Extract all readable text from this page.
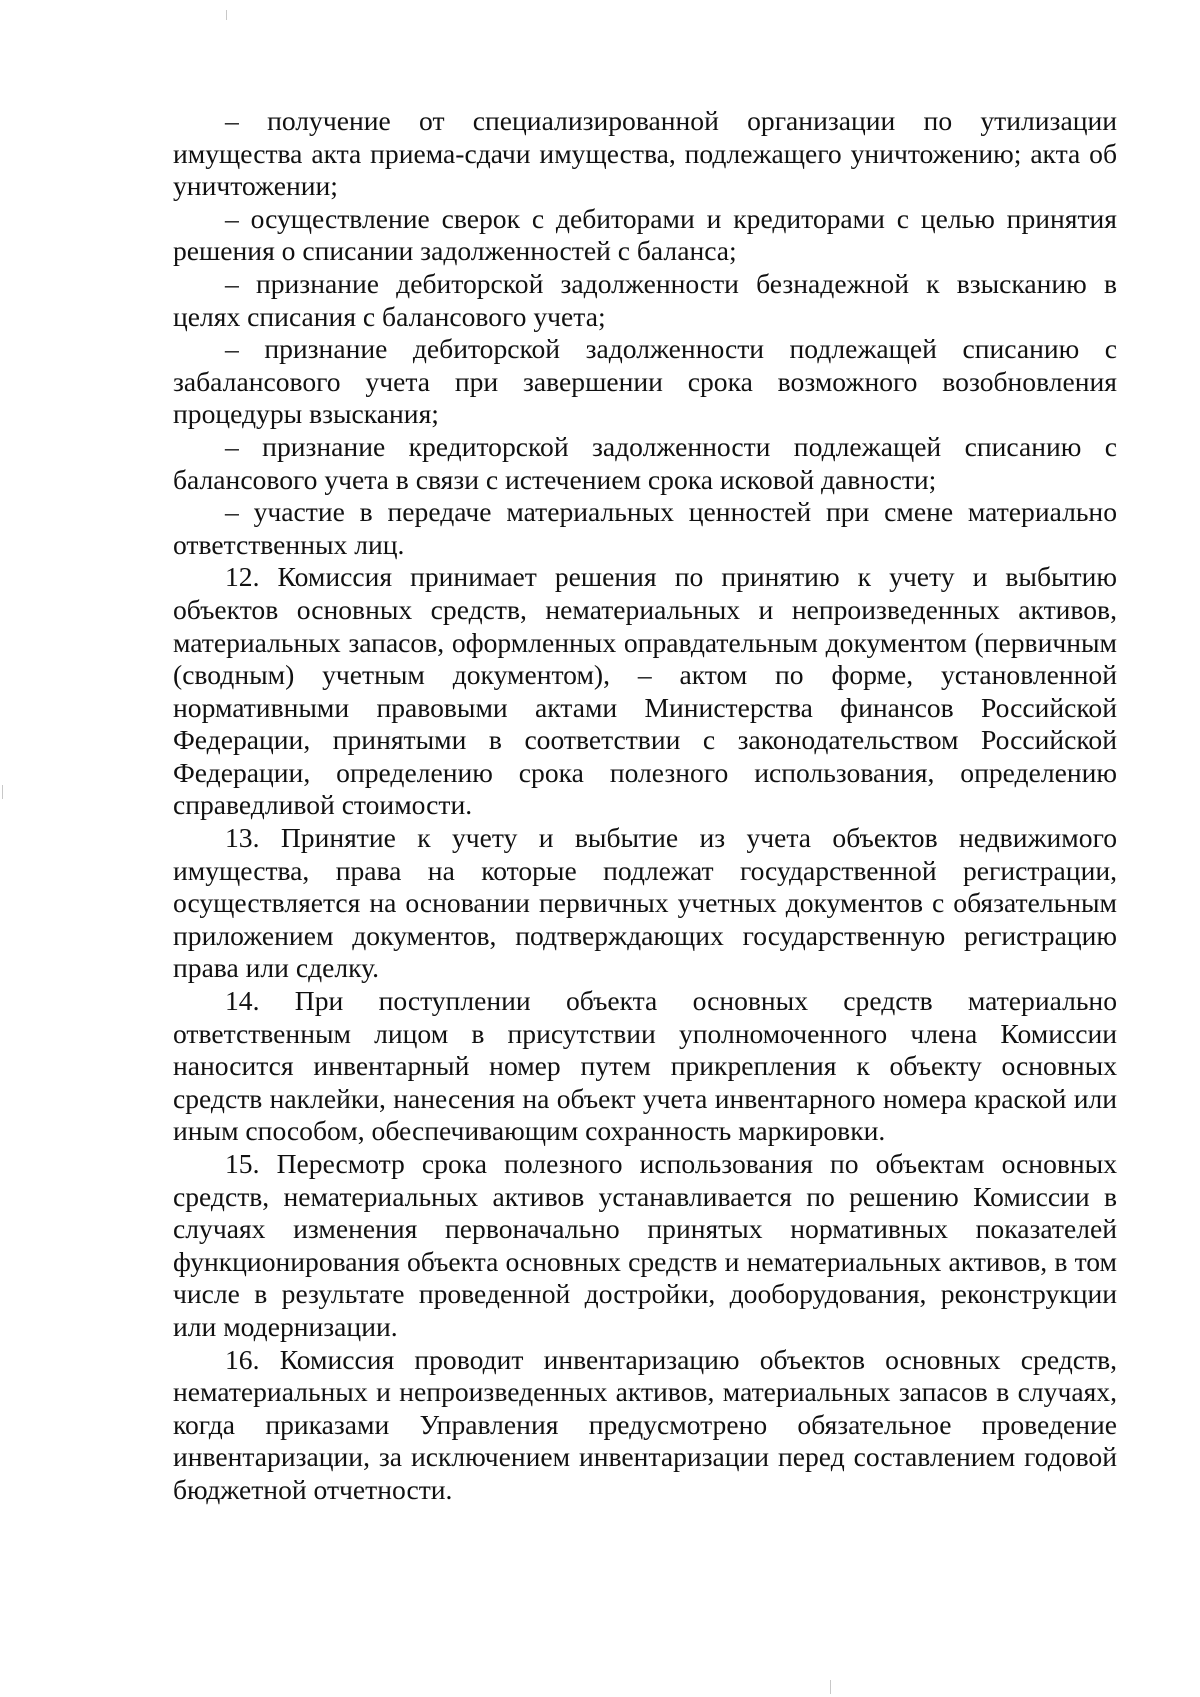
– получение от специализированной организации по утилизации имущества акта приема-сдачи имущества, подлежащего уничтожению; акта об уничтожении;

– осуществление сверок с дебиторами и кредиторами с целью принятия решения о списании задолженностей с баланса;

– признание дебиторской задолженности безнадежной к взысканию в целях списания с балансового учета;

– признание дебиторской задолженности подлежащей списанию с забалансового учета при завершении срока возможного возобновления процедуры взыскания;

– признание кредиторской задолженности подлежащей списанию с балансового учета в связи с истечением срока исковой давности;

– участие в передаче материальных ценностей при смене материально ответственных лиц.

12. Комиссия принимает решения по принятию к учету и выбытию объектов основных средств, нематериальных и непроизведенных активов, материальных запасов, оформленных оправдательным документом (первичным (сводным) учетным документом), – актом по форме, установленной нормативными правовыми актами Министерства финансов Российской Федерации, принятыми в соответствии с законодательством Российской Федерации, определению срока полезного использования, определению справедливой стоимости.

13. Принятие к учету и выбытие из учета объектов недвижимого имущества, права на которые подлежат государственной регистрации, осуществляется на основании первичных учетных документов с обязательным приложением документов, подтверждающих государственную регистрацию права или сделку.

14. При поступлении объекта основных средств материально ответственным лицом в присутствии уполномоченного члена Комиссии наносится инвентарный номер путем прикрепления к объекту основных средств наклейки, нанесения на объект учета инвентарного номера краской или иным способом, обеспечивающим сохранность маркировки.

15. Пересмотр срока полезного использования по объектам основных средств, нематериальных активов устанавливается по решению Комиссии в случаях изменения первоначально принятых нормативных показателей функционирования объекта основных средств и нематериальных активов, в том числе в результате проведенной достройки, дооборудования, реконструкции или модернизации.

16. Комиссия проводит инвентаризацию объектов основных средств, нематериальных и непроизведенных активов, материальных запасов в случаях, когда приказами Управления предусмотрено обязательное проведение инвентаризации, за исключением инвентаризации перед составлением годовой бюджетной отчетности.
